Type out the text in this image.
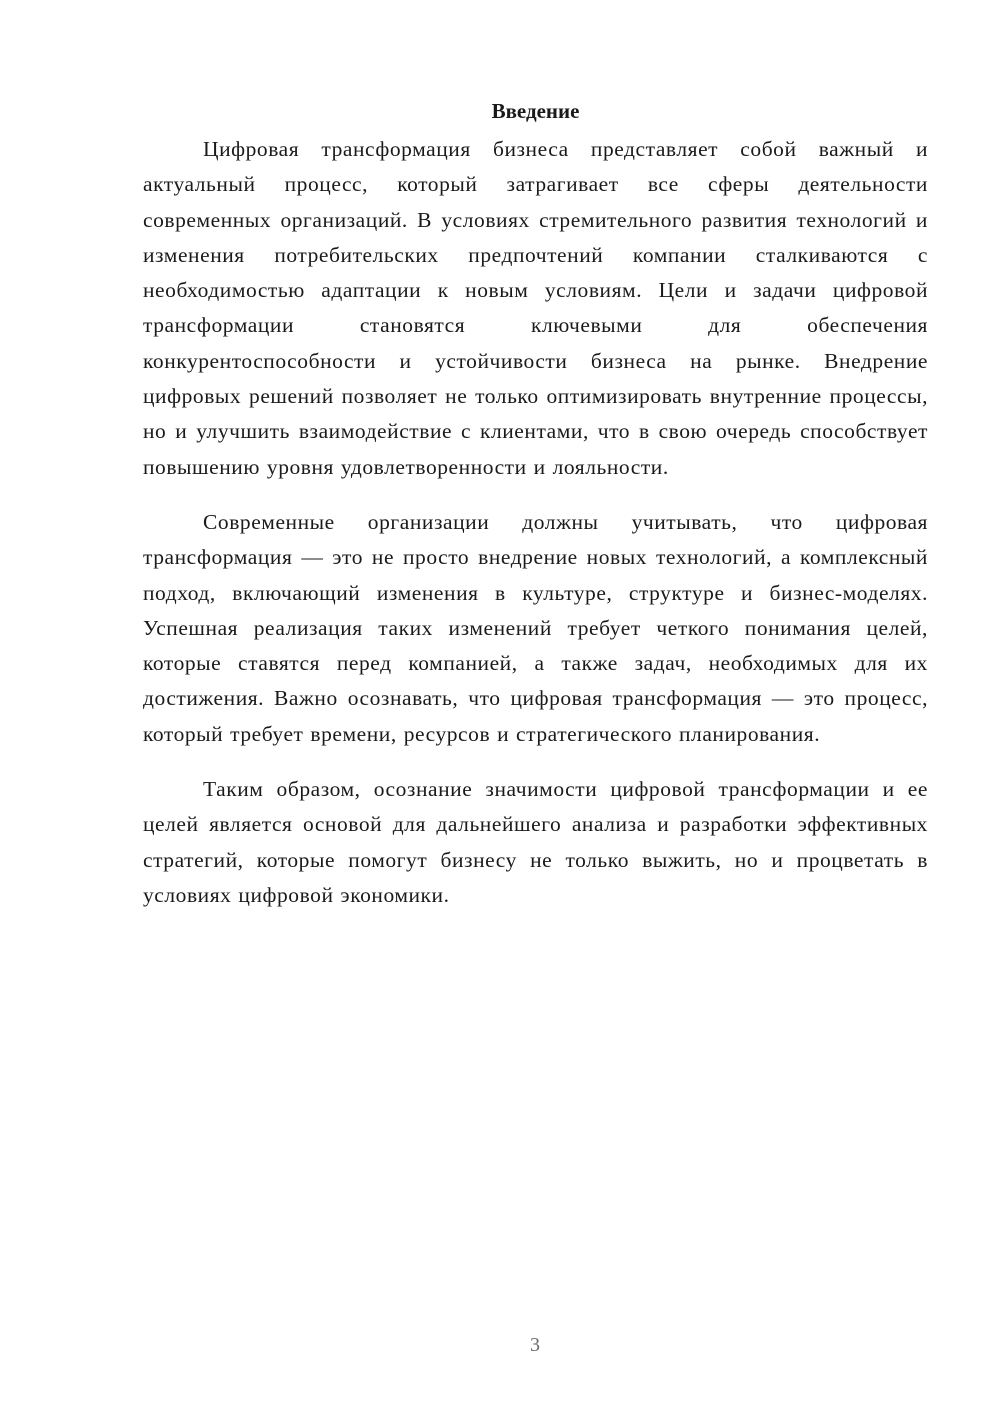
Введение

Цифровая трансформация бизнеса представляет собой важный и актуальный процесс, который затрагивает все сферы деятельности современных организаций. В условиях стремительного развития технологий и изменения потребительских предпочтений компании сталкиваются с необходимостью адаптации к новым условиям. Цели и задачи цифровой трансформации становятся ключевыми для обеспечения конкурентоспособности и устойчивости бизнеса на рынке. Внедрение цифровых решений позволяет не только оптимизировать внутренние процессы, но и улучшить взаимодействие с клиентами, что в свою очередь способствует повышению уровня удовлетворенности и лояльности.

Современные организации должны учитывать, что цифровая трансформация — это не просто внедрение новых технологий, а комплексный подход, включающий изменения в культуре, структуре и бизнес-моделях. Успешная реализация таких изменений требует четкого понимания целей, которые ставятся перед компанией, а также задач, необходимых для их достижения. Важно осознавать, что цифровая трансформация — это процесс, который требует времени, ресурсов и стратегического планирования.

Таким образом, осознание значимости цифровой трансформации и ее целей является основой для дальнейшего анализа и разработки эффективных стратегий, которые помогут бизнесу не только выжить, но и процветать в условиях цифровой экономики.

3
